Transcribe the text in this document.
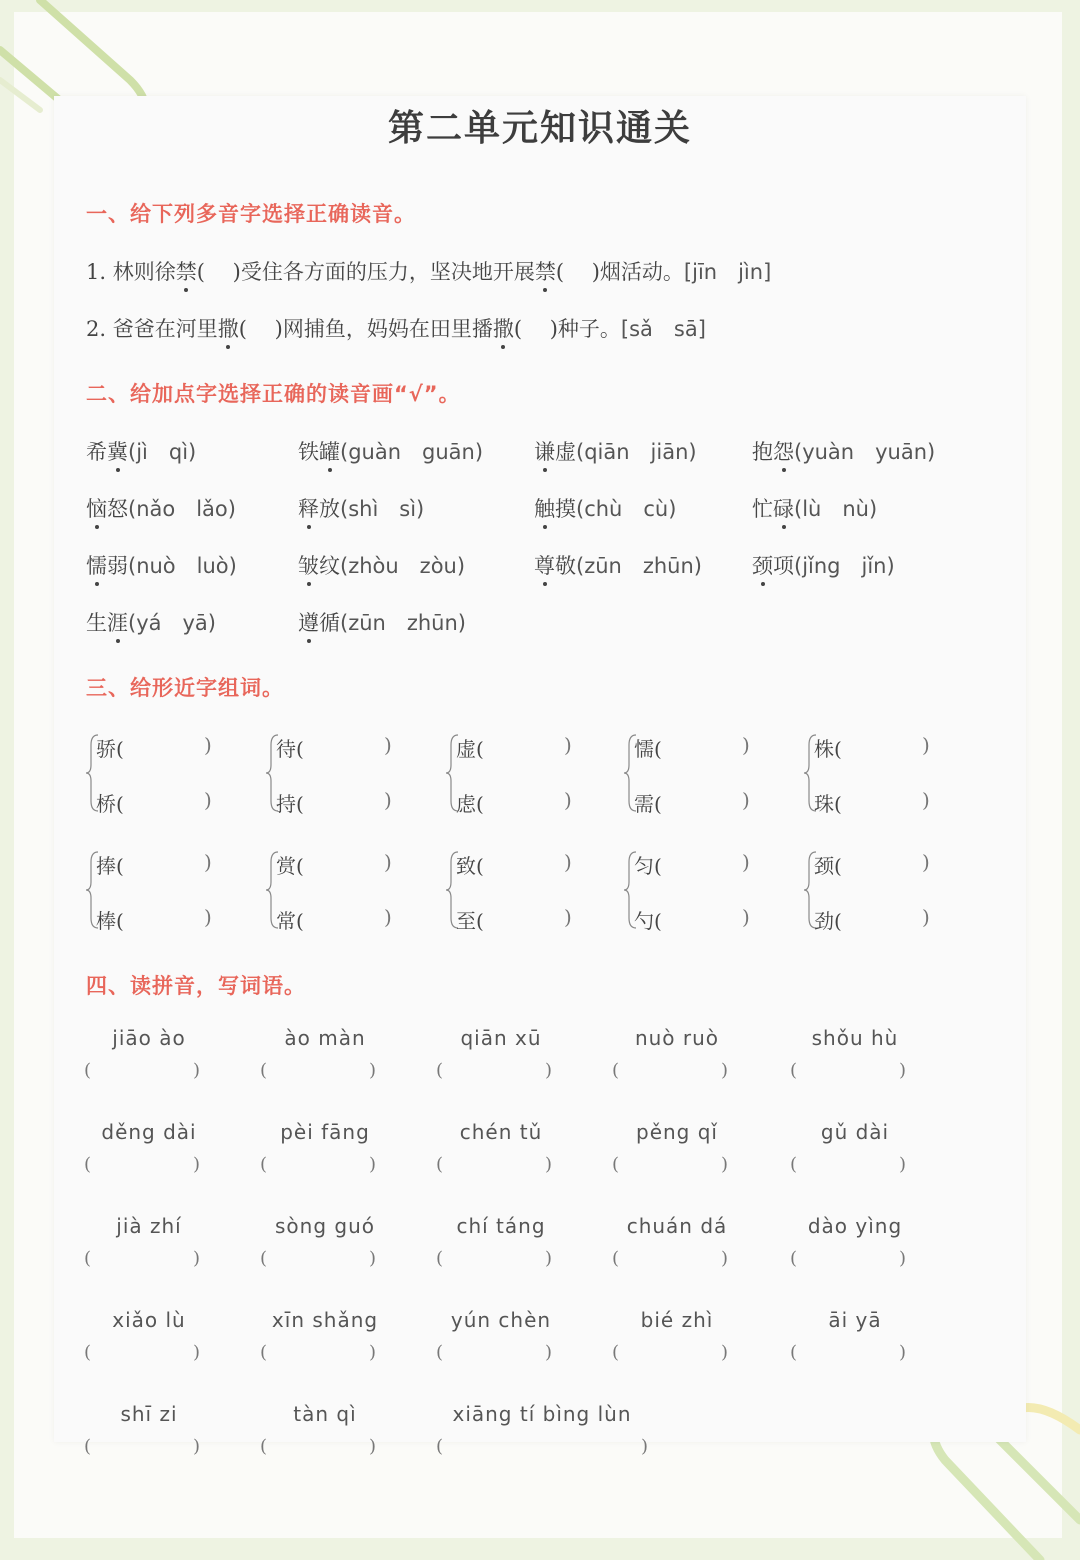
第二单元知识通关
一、给下列多音字选择正确读音。
1. 林则徐禁(　 )受住各方面的压力，坚决地开展禁(　 )烟活动。[jīn　jìn]
2. 爸爸在河里撒(　 )网捕鱼，妈妈在田里播撒(　 )种子。[sǎ　sā]
二、给加点字选择正确的读音画“√”。
希冀(jì　qì)	铁罐(guàn　guān) 谦虚(qiān　jiān)	抱怨(yuàn　yuān)
恼怒(nǎo　lǎo)	释放(shì　sì)	触摸(chù　cù)	忙碌(lù　nù)
懦弱(nuò　luò)	皱纹(zhòu　zòu)	尊敬(zūn　zhūn) 颈项(jǐng　jǐn)
生涯(yá　yā)	遵循(zūn　zhūn)
三、给形近字组词。
骄(	)
桥(	)
待(	)
持(	)
虚(	)
虑(	)
懦(	)
需(	)
株(	)
珠(	)
捧(	)
棒(	)
赏(	)
常(	)
致(	)
至(	)
匀(	)
勺(	)
颈(	)
劲(	)
四、读拼音，写词语。
jiāo ào
(	)
ào màn
(	)
qiān xū
(	)
nuò ruò
(	)
shǒu hù
(	)
děng dài
(	)
pèi fāng
(	)
chén tǔ
(	)
pěng qǐ
(	)
gǔ dài
(	)
jià zhí
(	)
sòng guó
(	)
chí táng
(	)
chuán dá
(	)
dào yìng
(	)
xiǎo lù
(	)
xīn shǎng
(	)
yún chèn
(	)
bié zhì
(	)
āi yā
(	)
shī zi
(	)
tàn qì
(	)
xiāng tí bìng lùn
(	)
